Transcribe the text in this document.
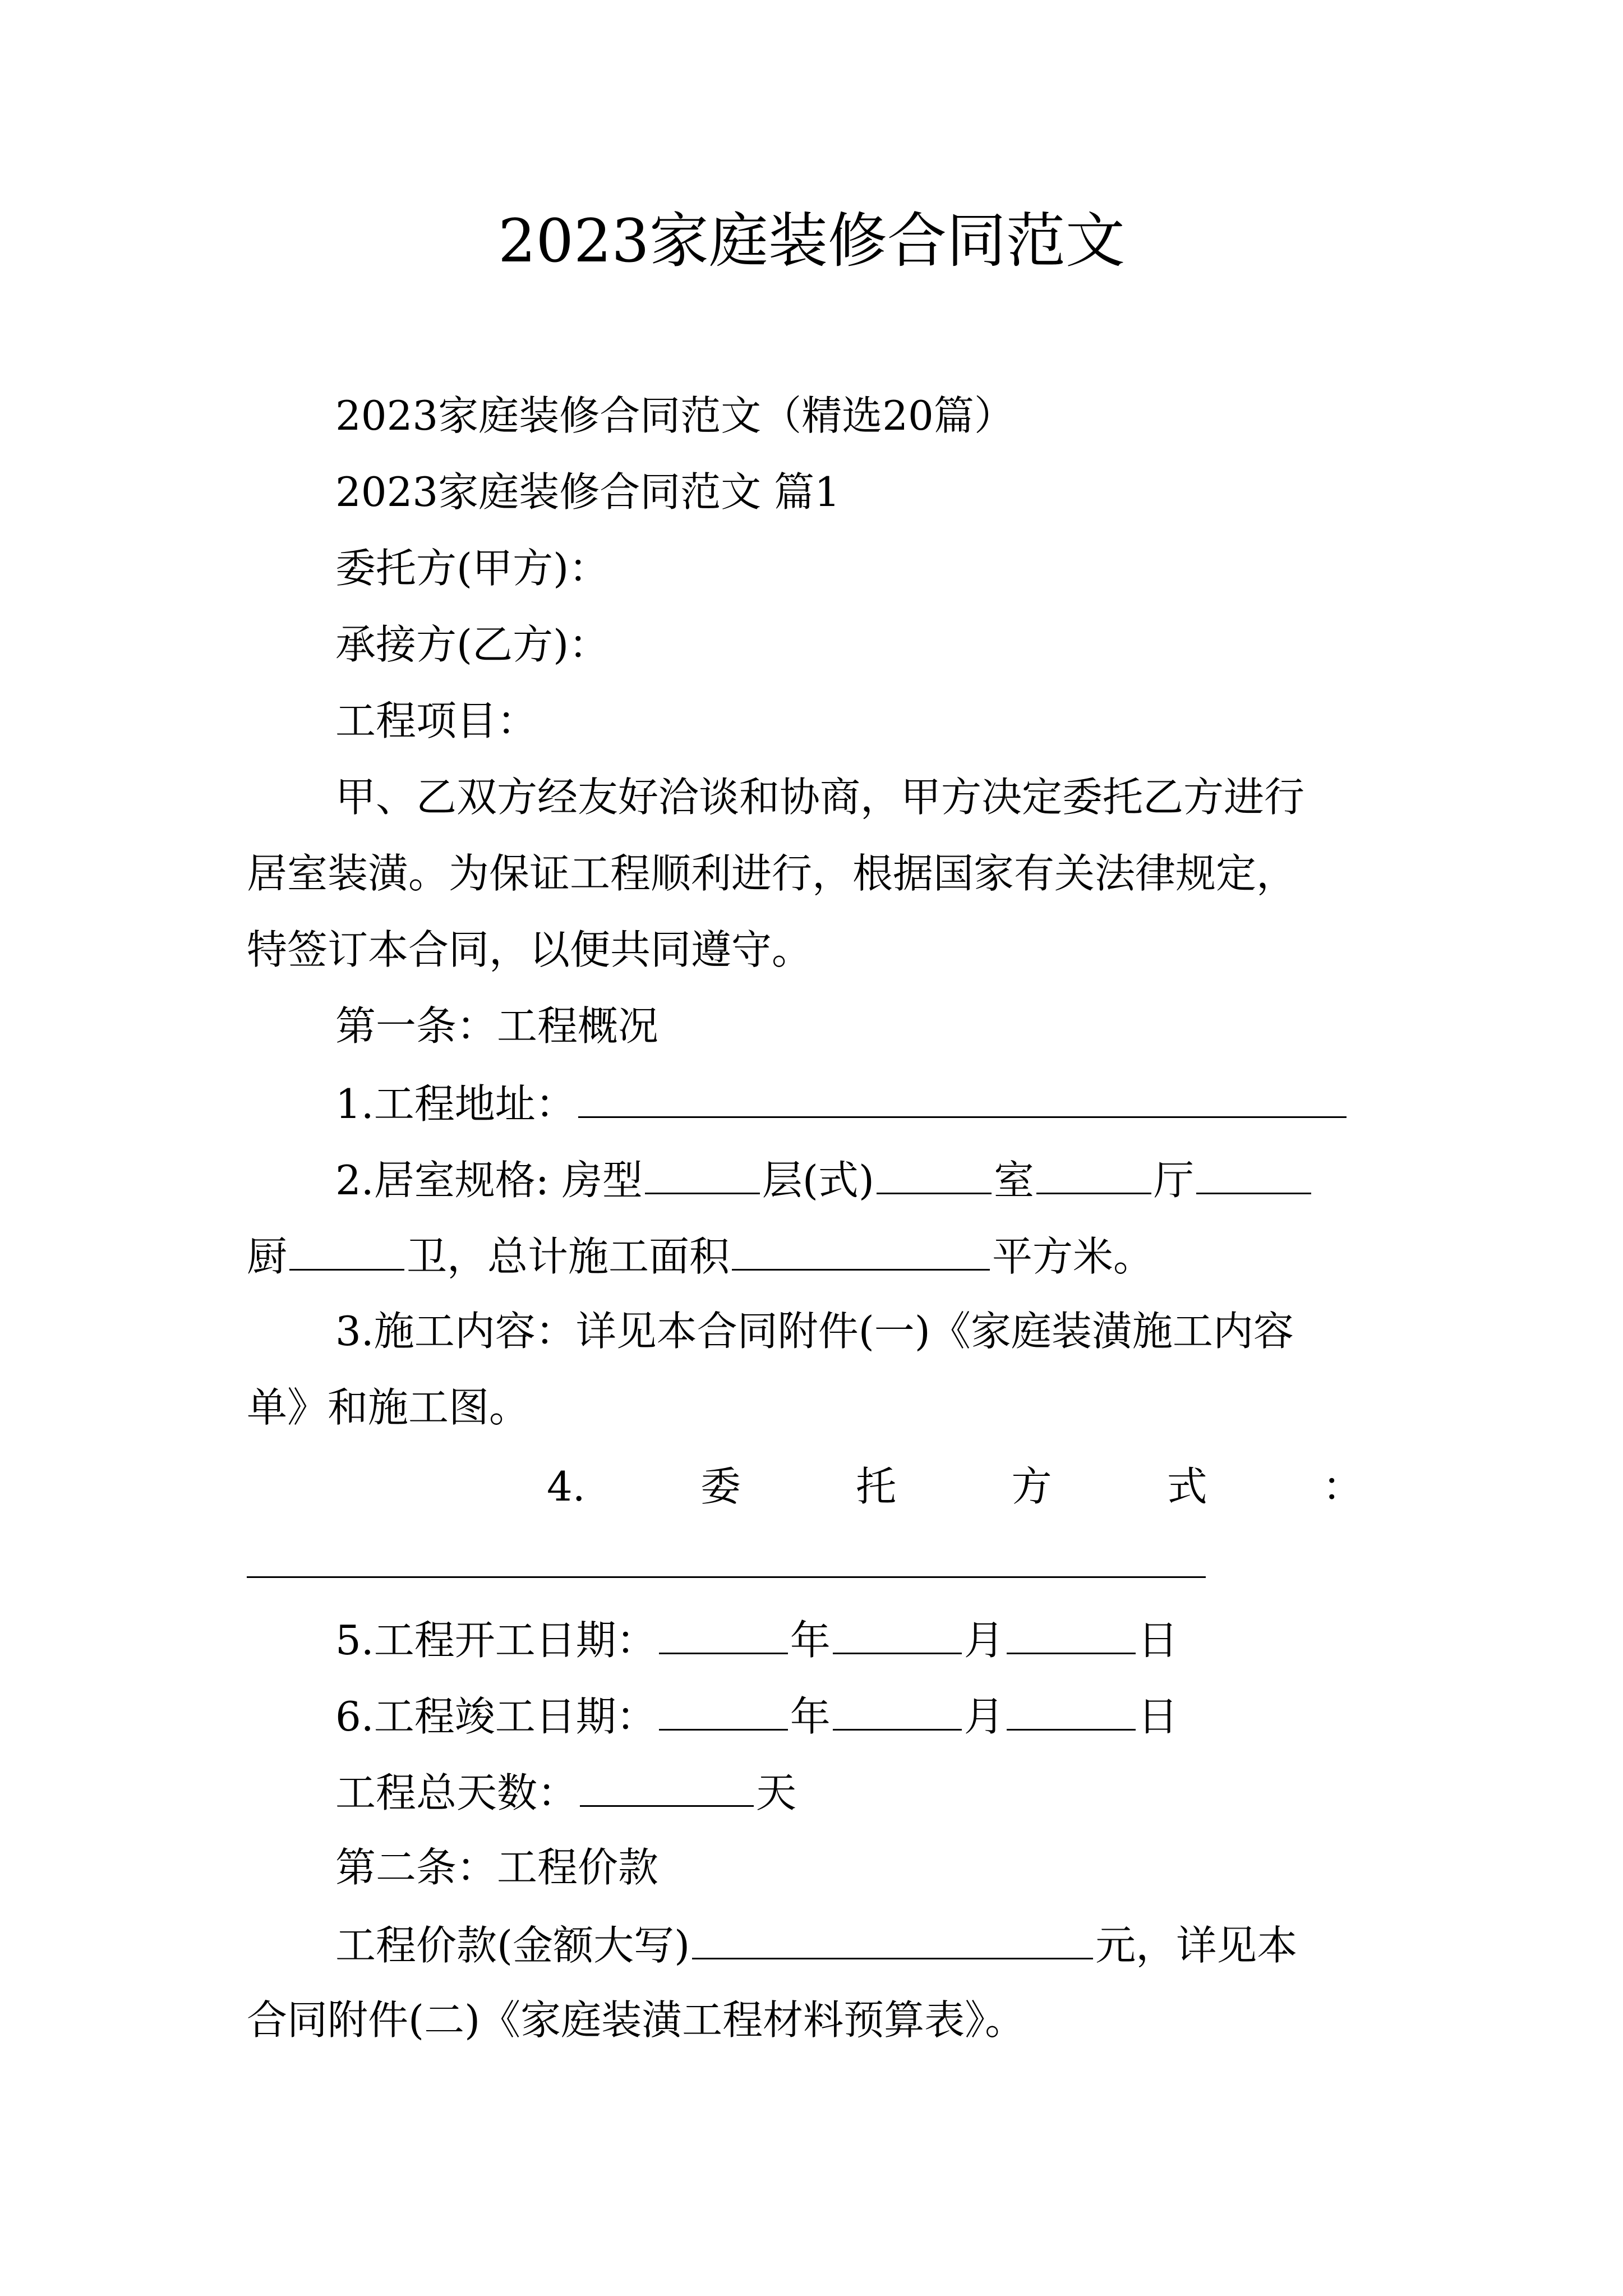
2023家庭装修合同范文
2023家庭装修合同范文（精选20篇）
2023家庭装修合同范文 篇1
委托方(甲方)：
承接方(乙方)：
工程项目：
甲、乙双方经友好洽谈和协商，甲方决定委托乙方进行
居室装潢。为保证工程顺利进行，根据国家有关法律规定，
特签订本合同，以便共同遵守。
第一条：工程概况
1.工程地址：
2.居室规格: 房型	层(式)	室	厅
厨	卫，总计施工面积	平方米。
3.施工内容：详见本合同附件(一)《家庭装潢施工内容
单》和施工图。
4.	委	托	方	式	：
5.工程开工日期：	年	月	日
6.工程竣工日期：	年	月	日
工程总天数：	天
第二条：工程价款
工程价款(金额大写)	元，详见本
合同附件(二)《家庭装潢工程材料预算表》。
